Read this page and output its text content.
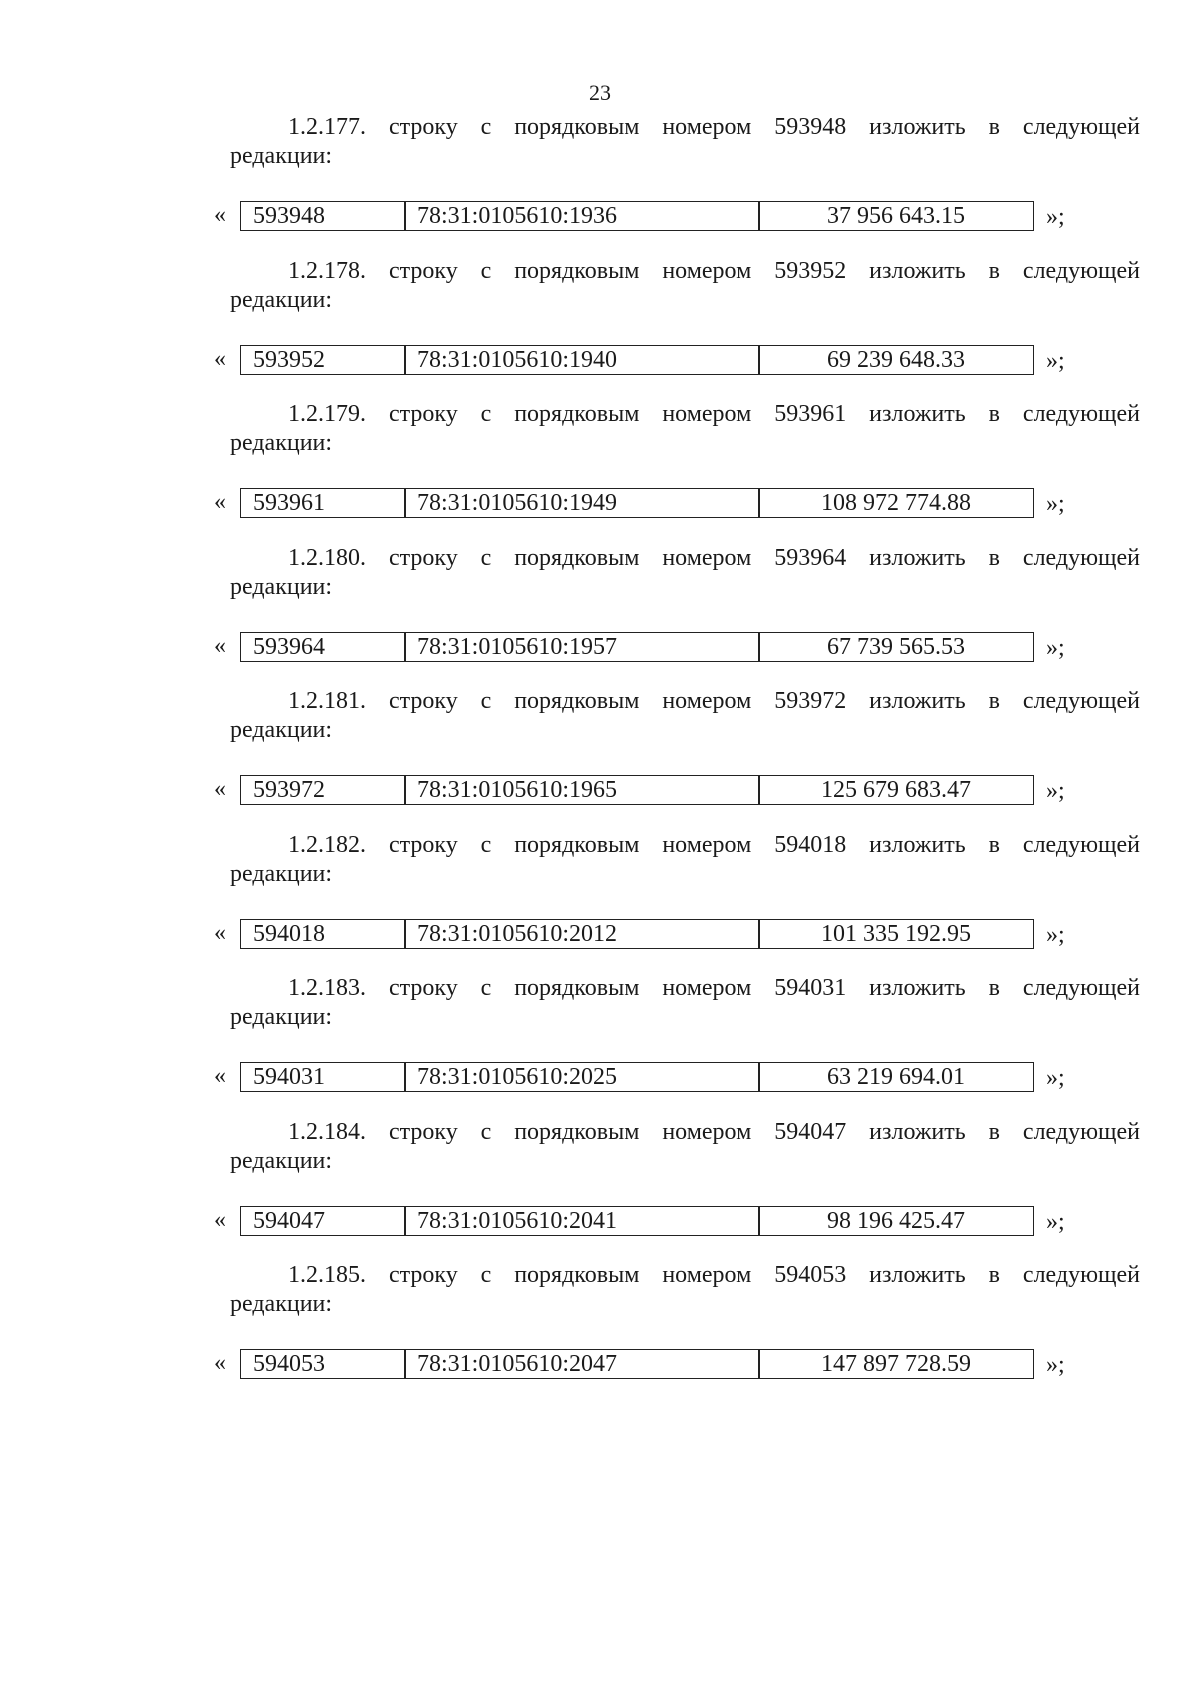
23
1.2.177. строку с порядковым номером 593948 изложить в следующей
редакции:
«	593948	78:31:0105610:1936	37 956 643.15	»;
1.2.178. строку с порядковым номером 593952 изложить в следующей
редакции:
«	593952	78:31:0105610:1940	69 239 648.33	»;
1.2.179. строку с порядковым номером 593961 изложить в следующей
редакции:
«	593961	78:31:0105610:1949	108 972 774.88	»;
1.2.180. строку с порядковым номером 593964 изложить в следующей
редакции:
«	593964	78:31:0105610:1957	67 739 565.53	»;
1.2.181. строку с порядковым номером 593972 изложить в следующей
редакции:
«	593972	78:31:0105610:1965	125 679 683.47	»;
1.2.182. строку с порядковым номером 594018 изложить в следующей
редакции:
«	594018	78:31:0105610:2012	101 335 192.95	»;
1.2.183. строку с порядковым номером 594031 изложить в следующей
редакции:
«	594031	78:31:0105610:2025	63 219 694.01	»;
1.2.184. строку с порядковым номером 594047 изложить в следующей
редакции:
«	594047	78:31:0105610:2041	98 196 425.47	»;
1.2.185. строку с порядковым номером 594053 изложить в следующей
редакции:
«	594053	78:31:0105610:2047	147 897 728.59	»;
